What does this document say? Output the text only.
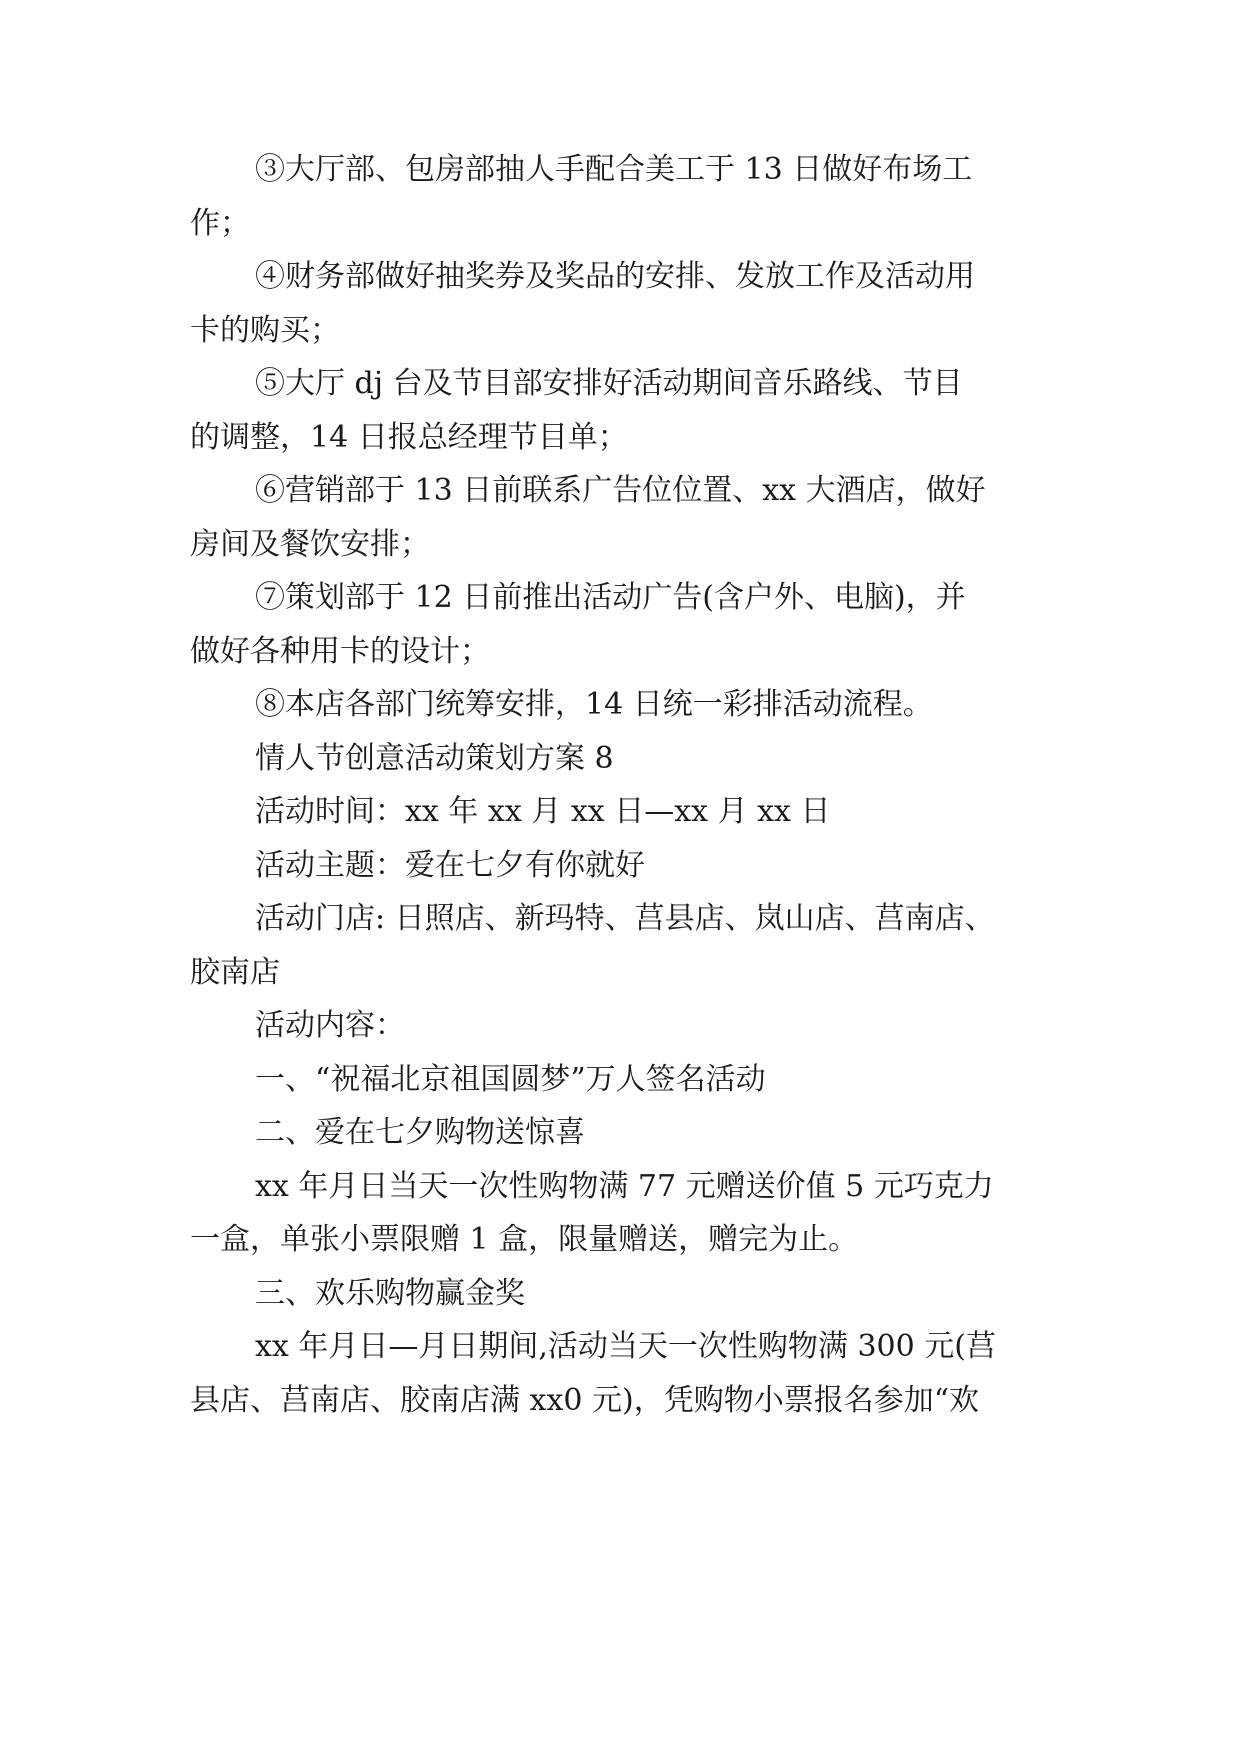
③大厅部、包房部抽人手配合美工于 13 日做好布场工
作；
④财务部做好抽奖券及奖品的安排、发放工作及活动用
卡的购买；
⑤大厅 dj 台及节目部安排好活动期间音乐路线、节目
的调整，14 日报总经理节目单；
⑥营销部于 13 日前联系广告位位置、xx 大酒店，做好
房间及餐饮安排；
⑦策划部于 12 日前推出活动广告(含户外、电脑)，并
做好各种用卡的设计；
⑧本店各部门统筹安排，14 日统一彩排活动流程。
情人节创意活动策划方案 8
活动时间：xx 年 xx 月 xx 日—xx 月 xx 日
活动主题：爱在七夕有你就好
活动门店: 日照店、新玛特、莒县店、岚山店、莒南店、
胶南店
活动内容：
一、“祝福北京祖国圆梦”万人签名活动
二、爱在七夕购物送惊喜
xx 年月日当天一次性购物满 77 元赠送价值 5 元巧克力
一盒，单张小票限赠 1 盒，限量赠送，赠完为止。
三、欢乐购物赢金奖
xx 年月日—月日期间,活动当天一次性购物满 300 元(莒
县店、莒南店、胶南店满 xx0 元)，凭购物小票报名参加“欢
